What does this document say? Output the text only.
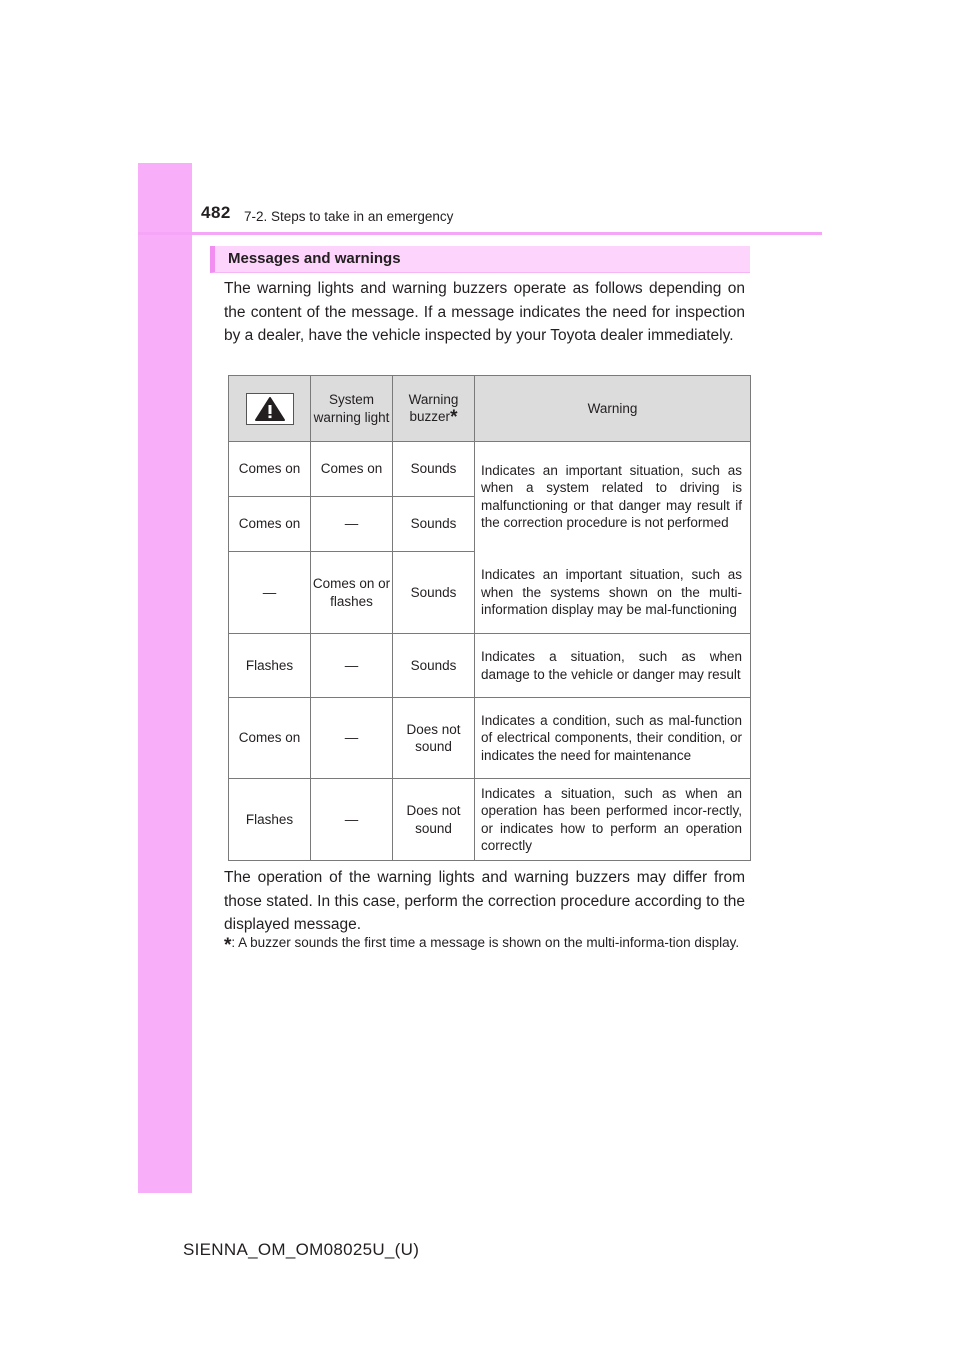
482 7-2. Steps to take in an emergency
Messages and warnings
The warning lights and warning buzzers operate as follows depending on the content of the message. If a message indicates the need for inspection by a dealer, have the vehicle inspected by your Toyota dealer immediately.
	System warning light	Warning buzzer*	Warning
Comes on	Comes on	Sounds	Indicates an important situation, such as when a system related to driving is malfunctioning or that danger may result if the correction procedure is not performed
Comes on	—	Sounds	
—	Comes on or flashes	Sounds	Indicates an important situation, such as when the systems shown on the multi- information display may be mal-functioning
Flashes	—	Sounds	Indicates a situation, such as when damage to the vehicle or danger may result
Comes on	—	Does not sound	Indicates a condition, such as mal-function of electrical components, their condition, or indicates the need for maintenance
Flashes	—	Does not sound	Indicates a situation, such as when an operation has been performed incor-rectly, or indicates how to perform an operation correctly
The operation of the warning lights and warning buzzers may differ from those stated. In this case, perform the correction procedure according to the displayed message.
*: A buzzer sounds the first time a message is shown on the multi-informa-tion display.
SIENNA_OM_OM08025U_(U)
